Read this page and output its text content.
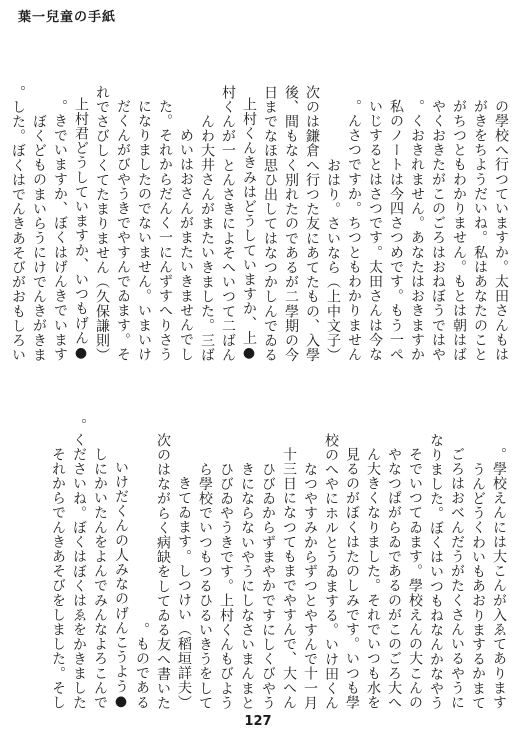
葉一兒童の手紙
の學校へ行つていますか。太田さんもは
がきをちようだいね。私はあなたのこと
がちつともわかりません。もとは朝はば
やくおきたがこのごろはおねぼうではや
くおきれません。あなたはおきますか。
私のノートは今四さつめです。もう一ぺ
いじするとはさつです。太田さんは今な
んさつですか。ちつともわかりません。
おはり。さいなら（上中文子）
次のは鎌倉へ行つた友にあてたもの、入學
後、間もなく別れたのであるが二學期の今
日までなほ思ひ出してはなつかしんでゐる
●上村くんきみはどうしていますか、上
村くんが一とんさきによそへいつて二ばん
んわ大井さんがまたいきました。三ば
めいはおさんがまたいきませんでし
た。それからだんく一にんずすへりさう
になりましたのでないません。いまいけ
だくんがびやうきでやすんでゐます。そ
れでさびしくてたまりません（久保謙則）
●上村君どうしていますか、いつもげん
きでいますか、ぼくはげんきでいます。
ぼくどものまいらうにけでんきがきま
した。ぼくはでんきあそびがおもしろい。
學校えんには大こんが入ゑてあります。
うんどうくわいもあおりまするかまて
ごろはおべんだうがたくさんいるやうに
なりました。ぼくはいつもねなんかなやう
そでいつてゐます。學校えんの大こんの
やなつぱがらゐであるのがこのごろ大へ
ん大きくなりました。それでいつも水を
見るのがぼくはたのしみです。いつも學
校のへやにホルとうゐまする。いけ田くん
なつやすみからずつとやすんで十一月
十三日になつてもまでやすんで、大へん
ひびゐからずまやかですにしくびやう
きにならないやうにしなさいまんまと
ひびゐやうきです。上村くんもびよう
ら學校でいつもつるひるいきうをして
きてゐます。しつけい（稻垣詳夫）
次のはながらく病缺をしてゐる友へ書いた
ものである。
●いけだくんの人みなのげんこうよう
しにかいたんをよんでみんなよろこんで
くださいね。ぼくはぼくはゑをかきました。
それからでんきあそびをしました。そし
127
